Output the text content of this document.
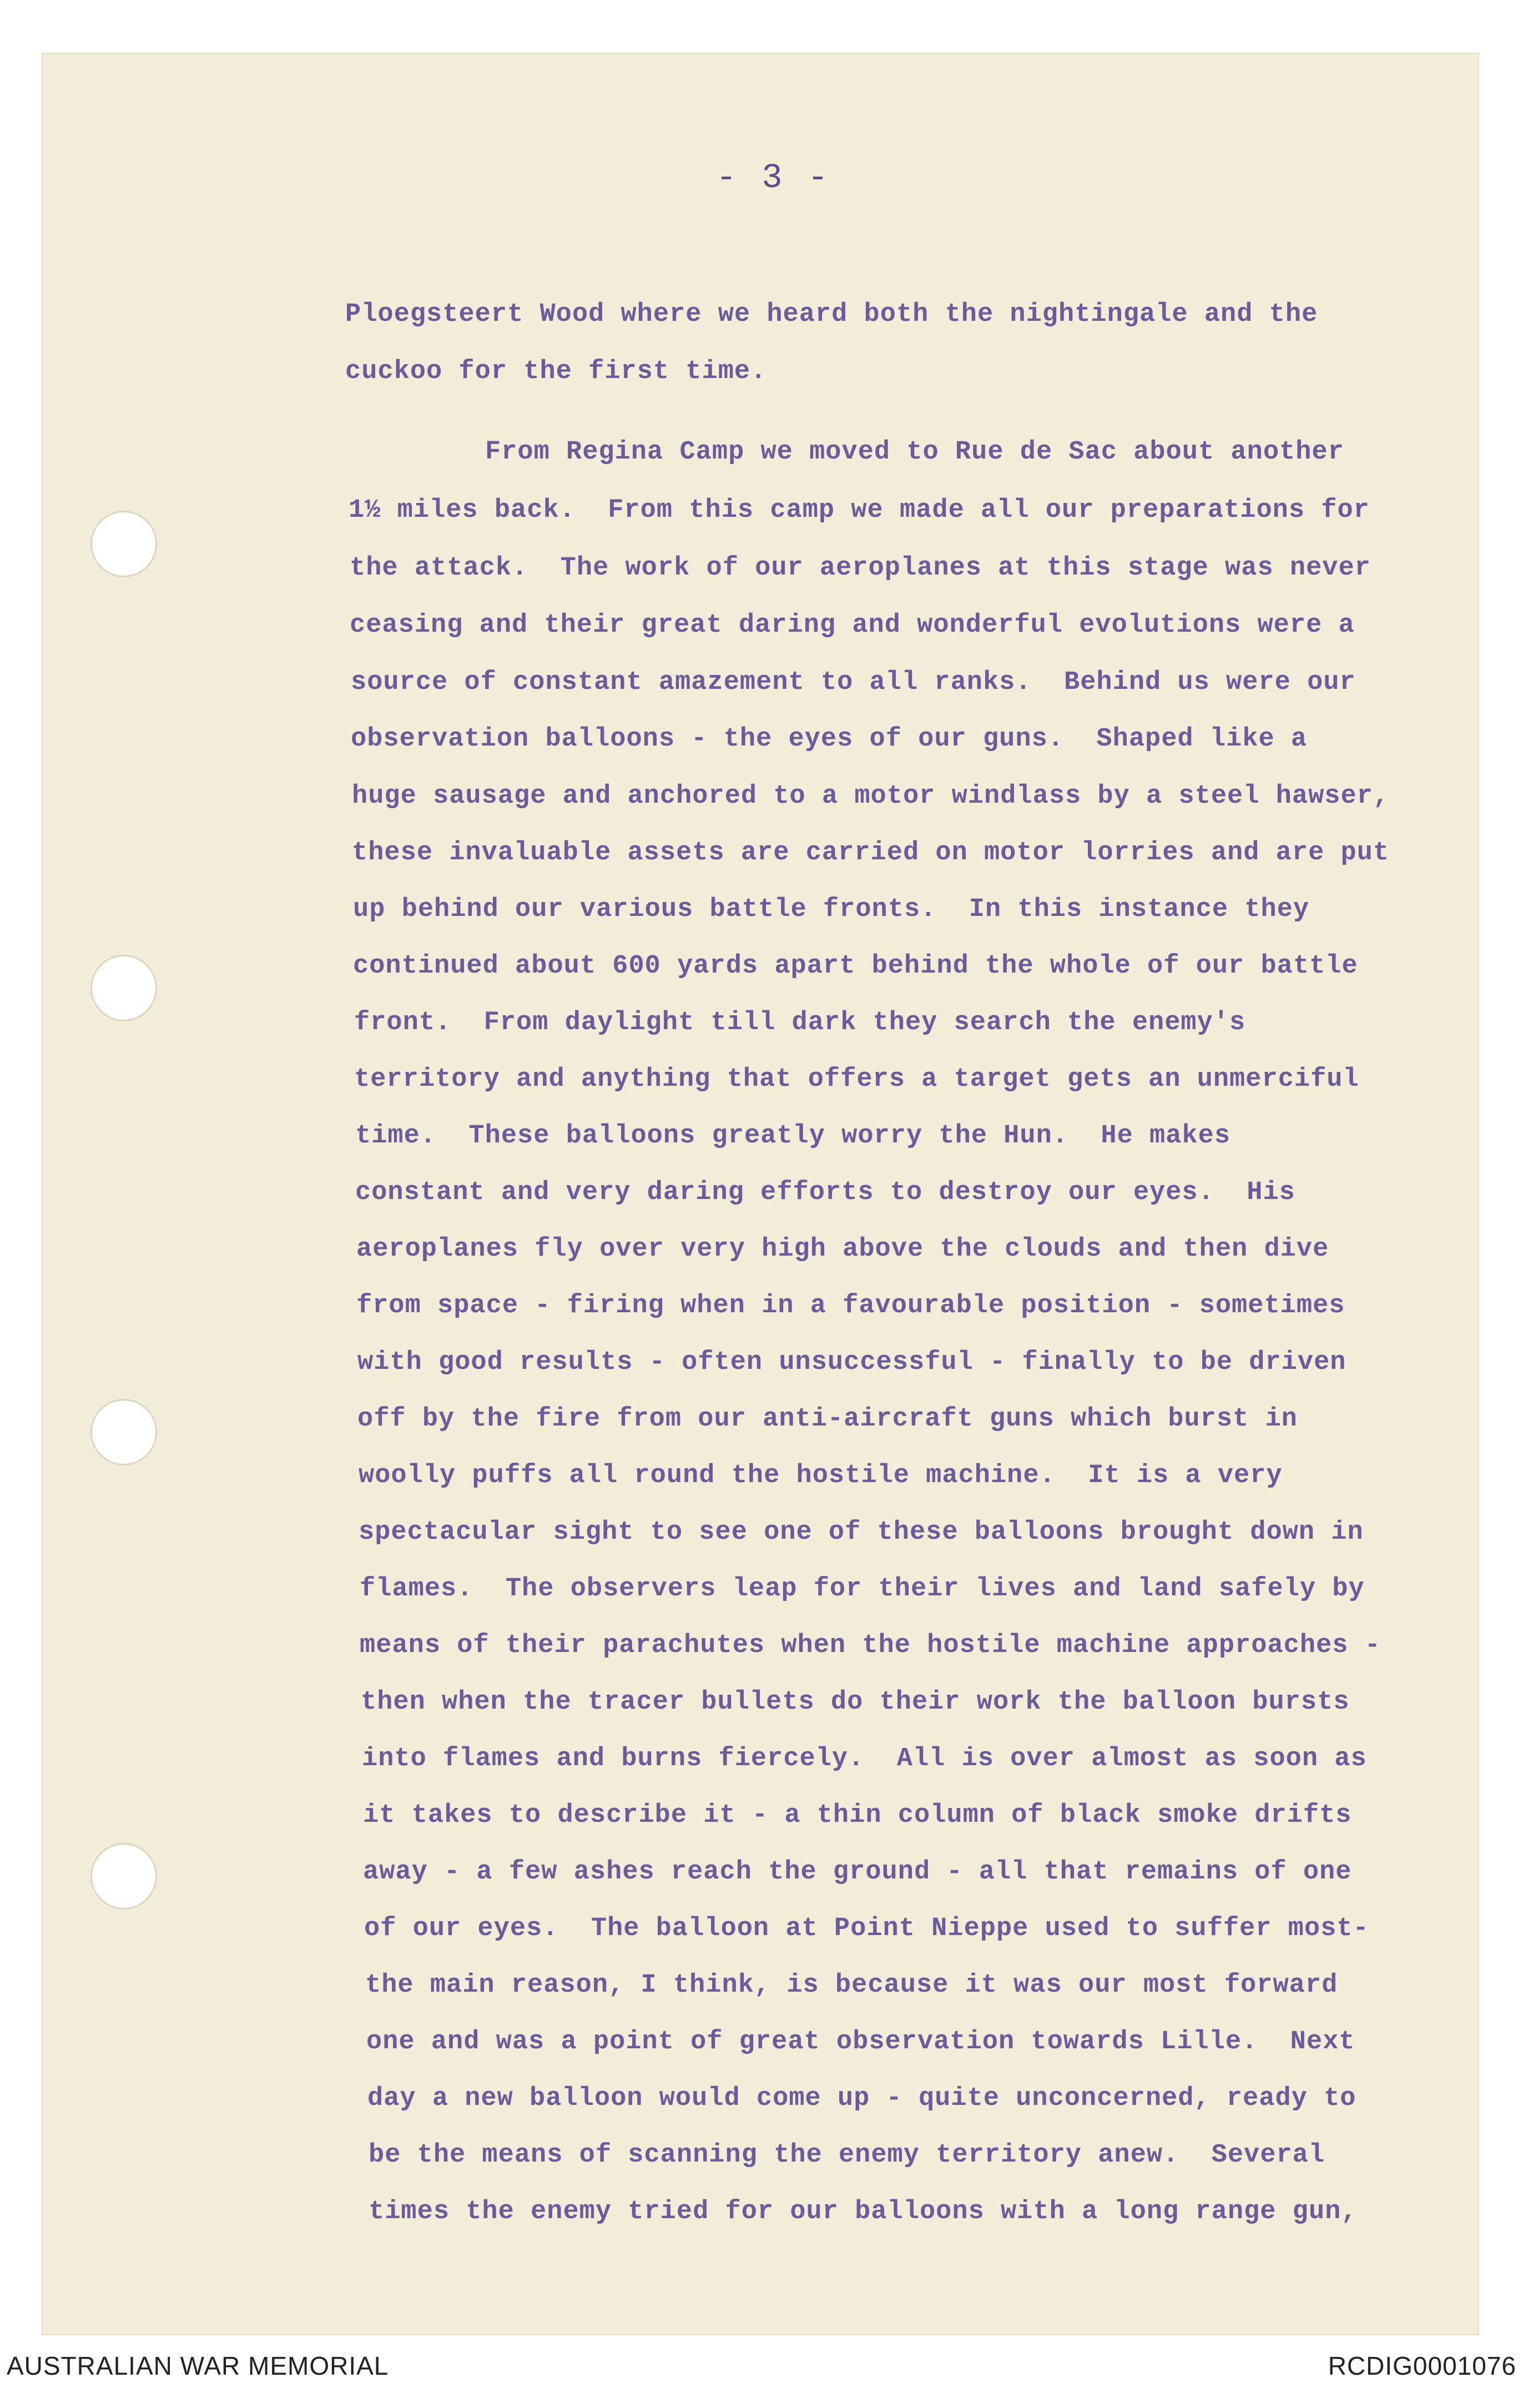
- 3 -

Ploegsteert Wood where we heard both the nightingale and the

cuckoo for the first time.

From Regina Camp we moved to Rue de Sac about another

1½ miles back.  From this camp we made all our preparations for

the attack.  The work of our aeroplanes at this stage was never

ceasing and their great daring and wonderful evolutions were a

source of constant amazement to all ranks.  Behind us were our

observation balloons - the eyes of our guns.  Shaped like a

huge sausage and anchored to a motor windlass by a steel hawser,

these invaluable assets are carried on motor lorries and are put

up behind our various battle fronts.  In this instance they

continued about 600 yards apart behind the whole of our battle

front.  From daylight till dark they search the enemy's

territory and anything that offers a target gets an unmerciful

time.  These balloons greatly worry the Hun.  He makes

constant and very daring efforts to destroy our eyes.  His

aeroplanes fly over very high above the clouds and then dive

from space - firing when in a favourable position - sometimes

with good results - often unsuccessful - finally to be driven

off by the fire from our anti-aircraft guns which burst in

woolly puffs all round the hostile machine.  It is a very

spectacular sight to see one of these balloons brought down in

flames.  The observers leap for their lives and land safely by

means of their parachutes when the hostile machine approaches -

then when the tracer bullets do their work the balloon bursts

into flames and burns fiercely.  All is over almost as soon as

it takes to describe it - a thin column of black smoke drifts

away - a few ashes reach the ground - all that remains of one

of our eyes.  The balloon at Point Nieppe used to suffer most-

the main reason, I think, is because it was our most forward

one and was a point of great observation towards Lille.  Next

day a new balloon would come up - quite unconcerned, ready to

be the means of scanning the enemy territory anew.  Several

times the enemy tried for our balloons with a long range gun,

AUSTRALIAN WAR MEMORIAL	RCDIG0001076
